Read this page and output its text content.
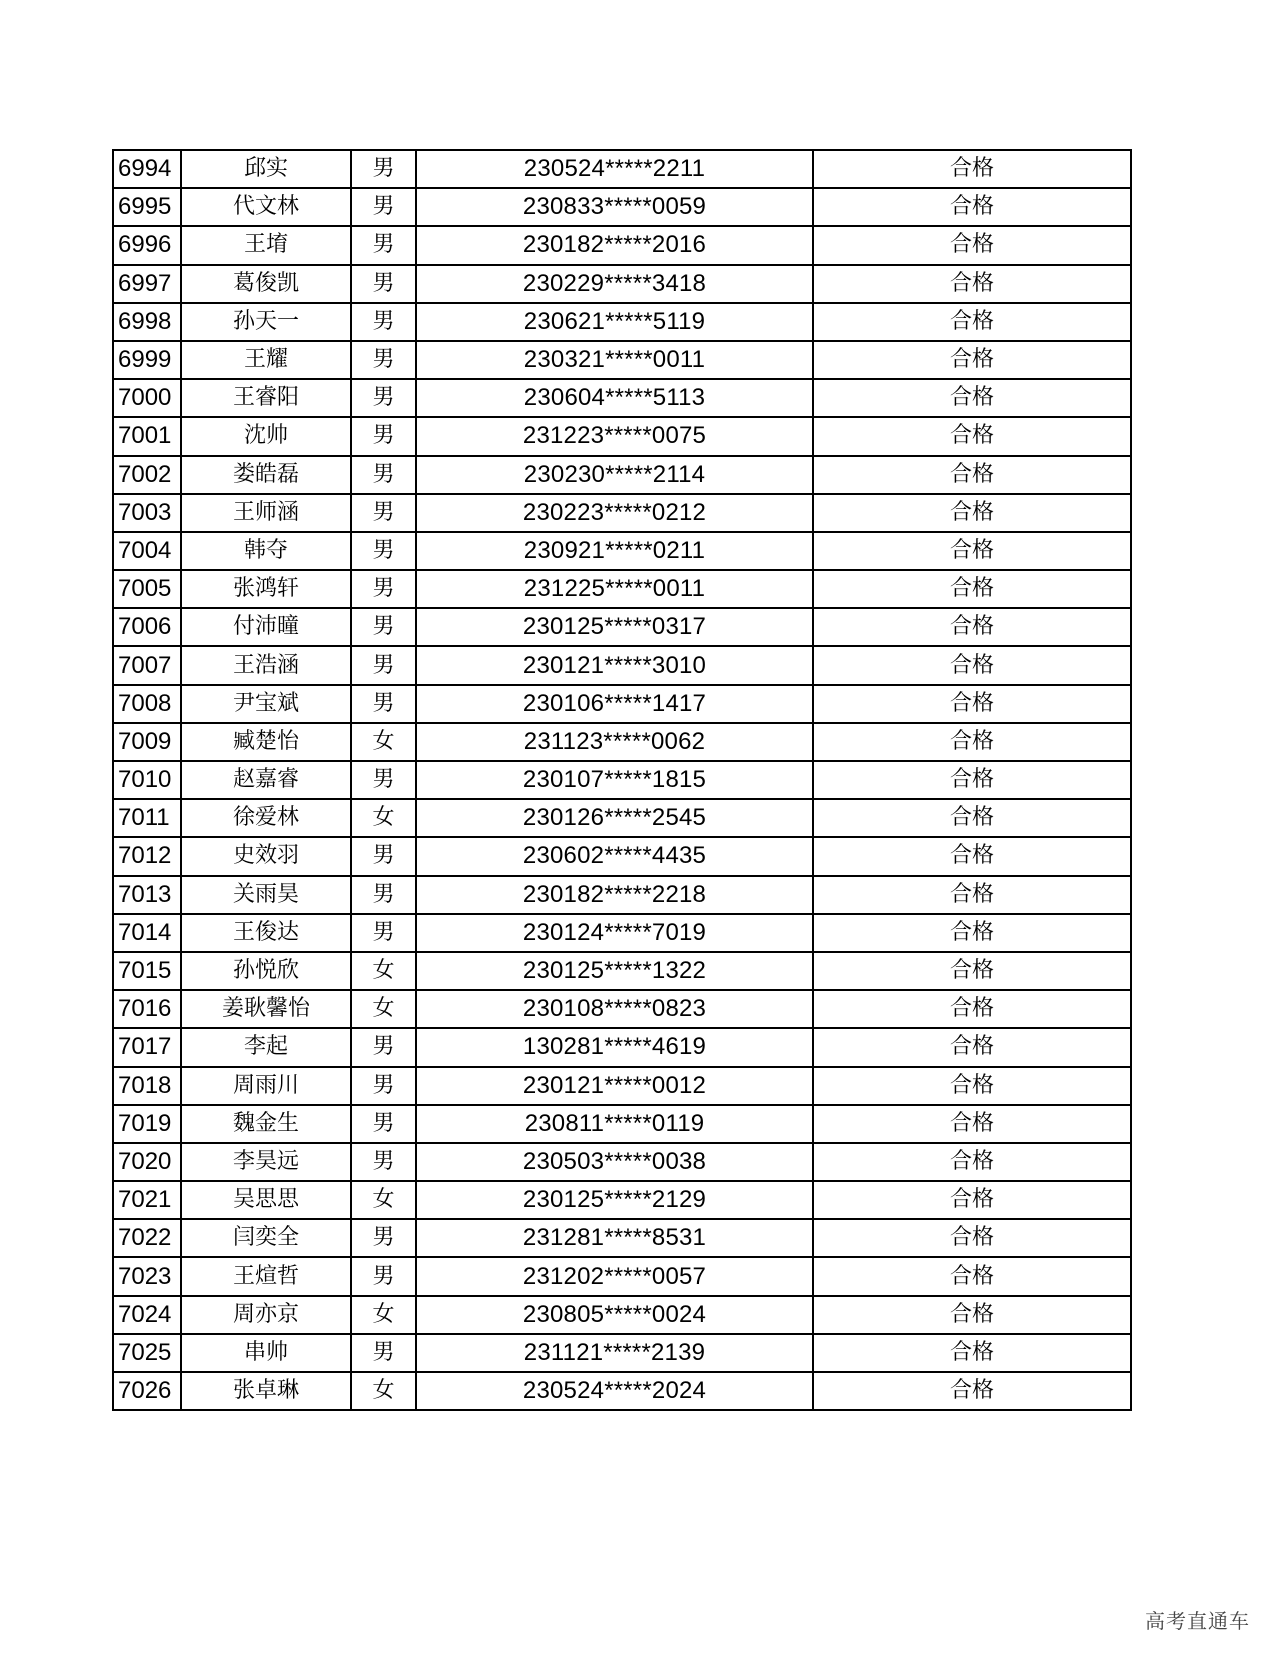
6994	邱实	男	230524*****2211	合格
6995	代文林	男	230833*****0059	合格
6996	王堉	男	230182*****2016	合格
6997	葛俊凯	男	230229*****3418	合格
6998	孙天一	男	230621*****5119	合格
6999	王耀	男	230321*****0011	合格
7000	王睿阳	男	230604*****5113	合格
7001	沈帅	男	231223*****0075	合格
7002	娄皓磊	男	230230*****2114	合格
7003	王师涵	男	230223*****0212	合格
7004	韩夺	男	230921*****0211	合格
7005	张鸿轩	男	231225*****0011	合格
7006	付沛曈	男	230125*****0317	合格
7007	王浩涵	男	230121*****3010	合格
7008	尹宝斌	男	230106*****1417	合格
7009	臧楚怡	女	231123*****0062	合格
7010	赵嘉睿	男	230107*****1815	合格
7011	徐爱林	女	230126*****2545	合格
7012	史效羽	男	230602*****4435	合格
7013	关雨昊	男	230182*****2218	合格
7014	王俊达	男	230124*****7019	合格
7015	孙悦欣	女	230125*****1322	合格
7016	姜耿馨怡	女	230108*****0823	合格
7017	李起	男	130281*****4619	合格
7018	周雨川	男	230121*****0012	合格
7019	魏金生	男	230811*****0119	合格
7020	李昊远	男	230503*****0038	合格
7021	吴思思	女	230125*****2129	合格
7022	闫奕全	男	231281*****8531	合格
7023	王煊哲	男	231202*****0057	合格
7024	周亦京	女	230805*****0024	合格
7025	串帅	男	231121*****2139	合格
7026	张卓琳	女	230524*****2024	合格
高考直通车
